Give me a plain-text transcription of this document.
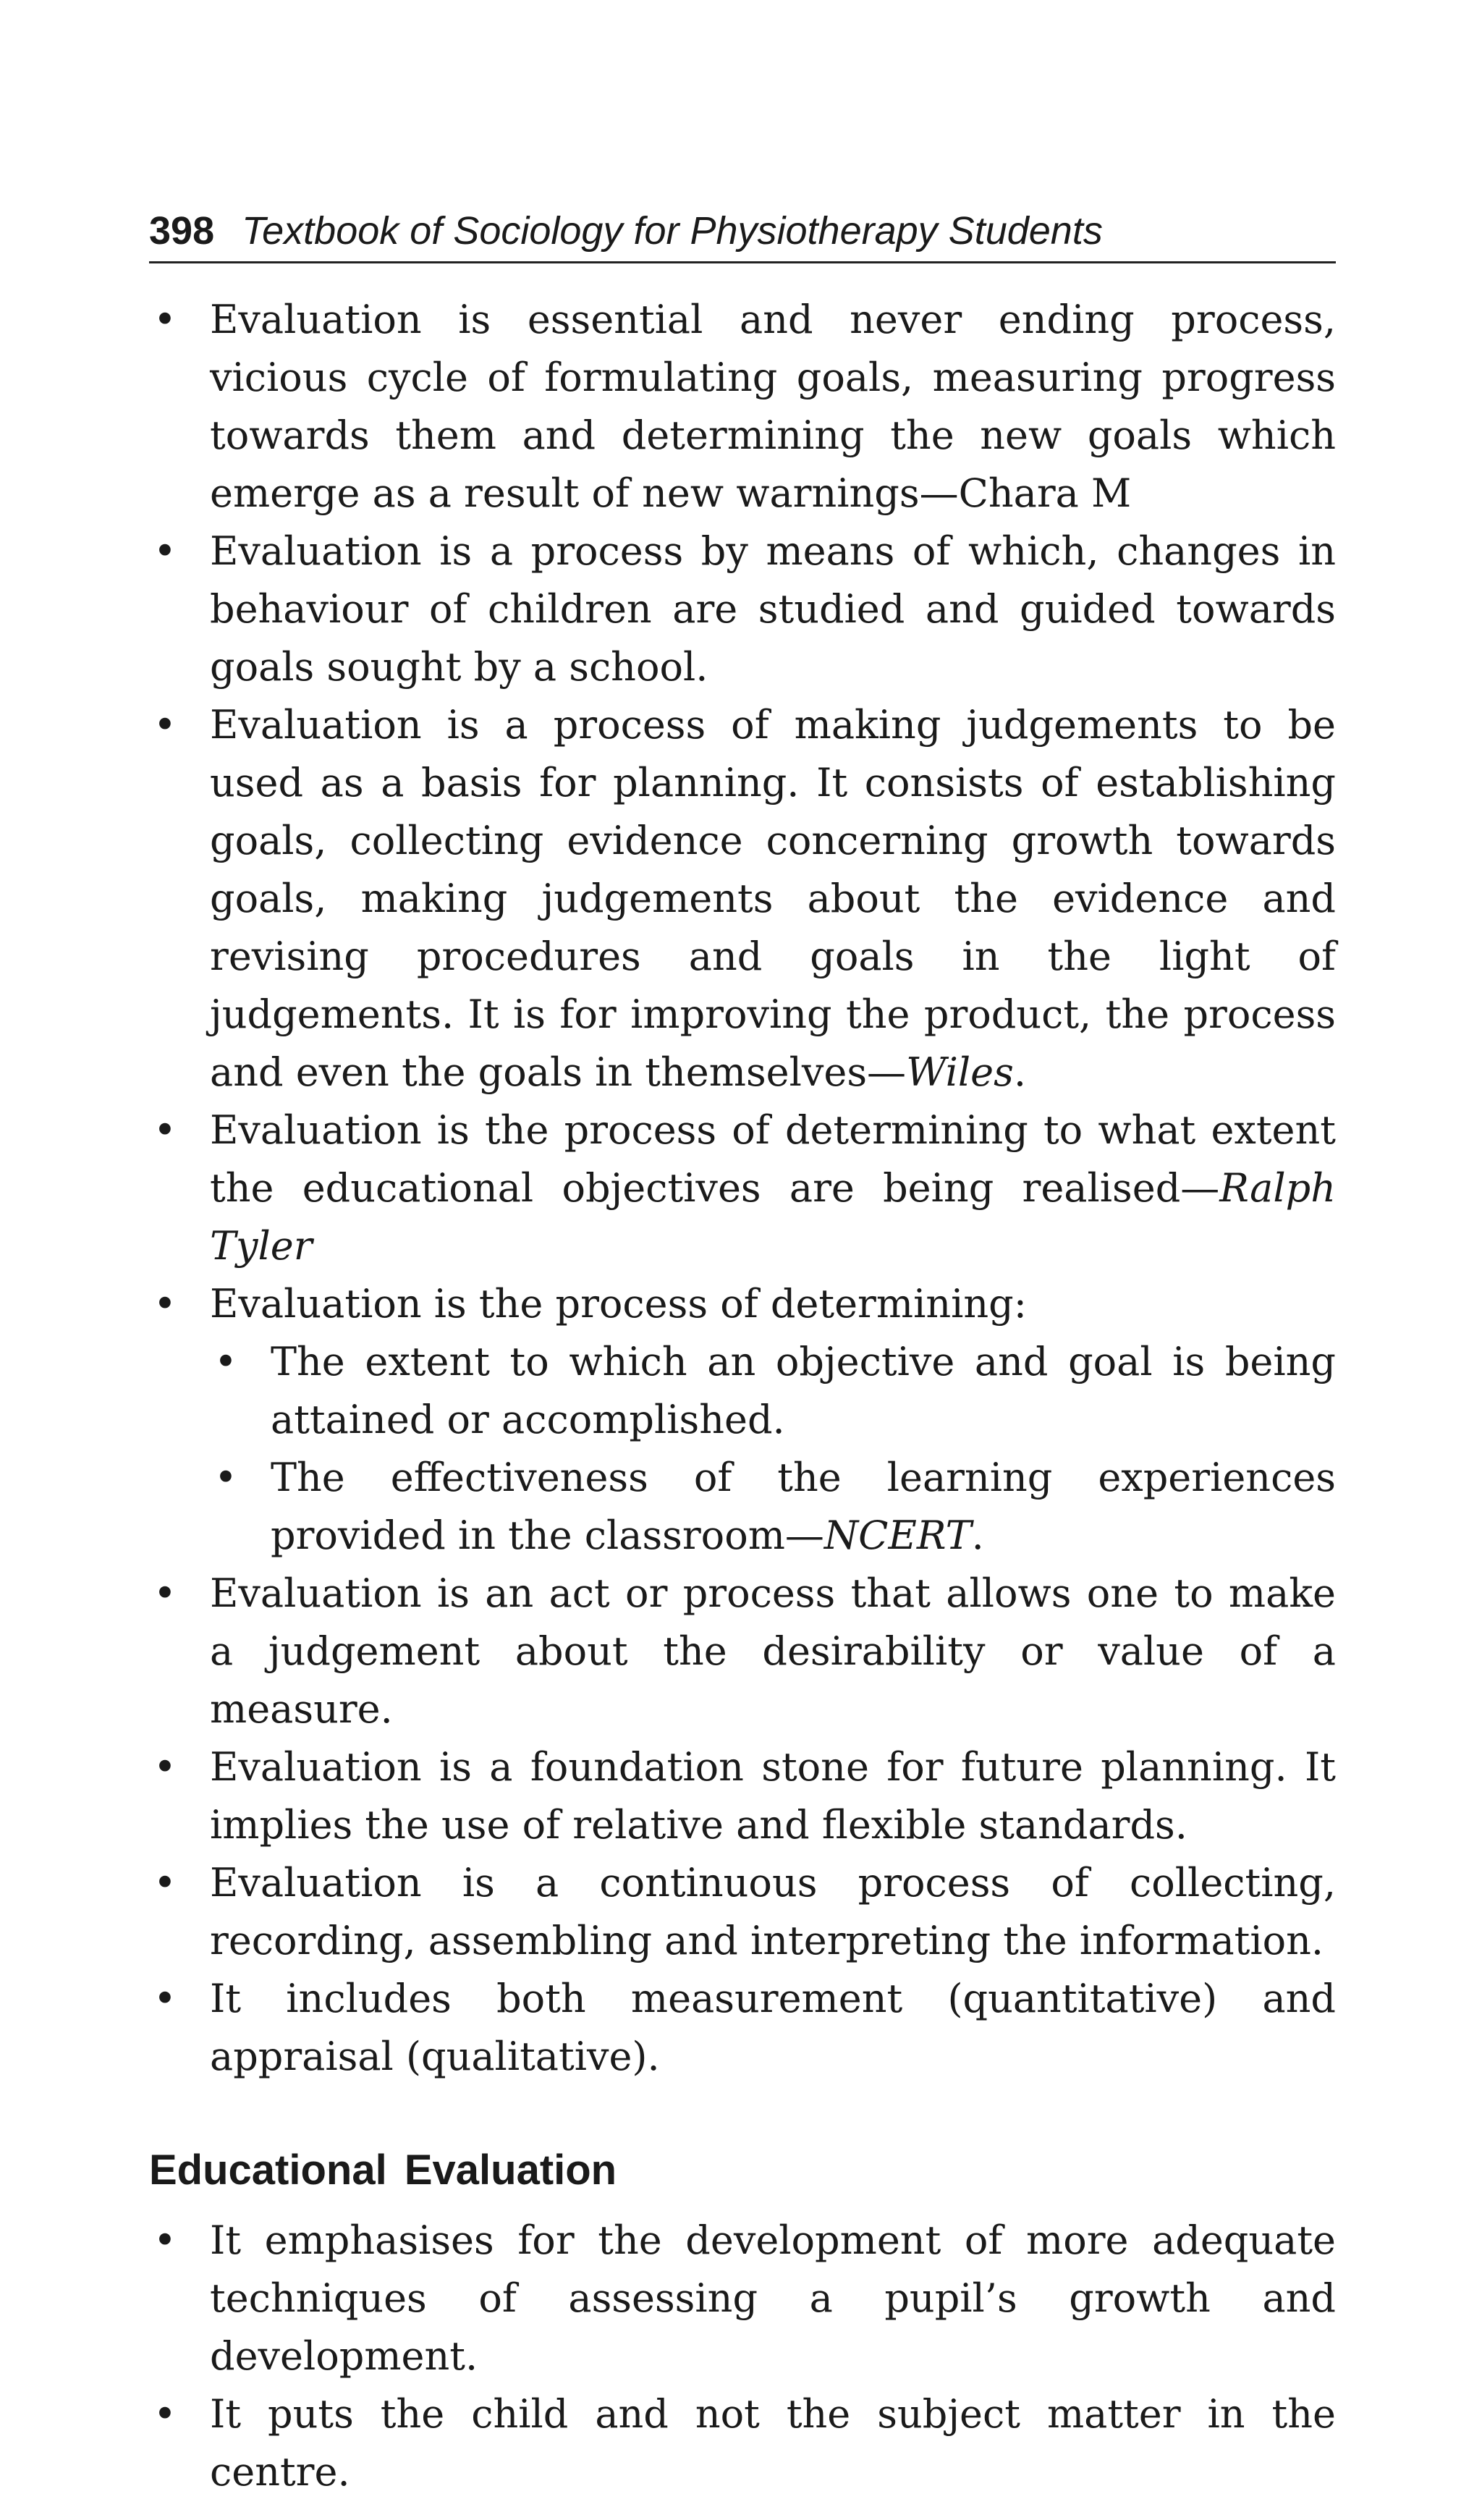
398 Textbook of Sociology for Physiotherapy Students
• Evaluation is essential and never ending process, vicious cycle of formulating goals, measuring progress towards them and determining the new goals which emerge as a result of new warnings—Chara M
• Evaluation is a process by means of which, changes in behaviour of children are studied and guided towards goals sought by a school.
• Evaluation is a process of making judgements to be used as a basis for planning. It consists of establishing goals, collecting evidence concerning growth towards goals, making judgements about the evidence and revising procedures and goals in the light of judgements. It is for improving the product, the process and even the goals in themselves—Wiles.
• Evaluation is the process of determining to what extent the educational objectives are being realised—Ralph Tyler
• Evaluation is the process of determining:
• The extent to which an objective and goal is being attained or accomplished.
• The effectiveness of the learning experiences provided in the classroom—NCERT.
• Evaluation is an act or process that allows one to make a judgement about the desirability or value of a measure.
• Evaluation is a foundation stone for future planning. It implies the use of relative and flexible standards.
• Evaluation is a continuous process of collecting, recording, assembling and interpreting the information.
• It includes both measurement (quantitative) and appraisal (qualitative).
Educational Evaluation
• It emphasises for the development of more adequate techniques of assessing a pupil’s growth and development.
• It puts the child and not the subject matter in the centre.
